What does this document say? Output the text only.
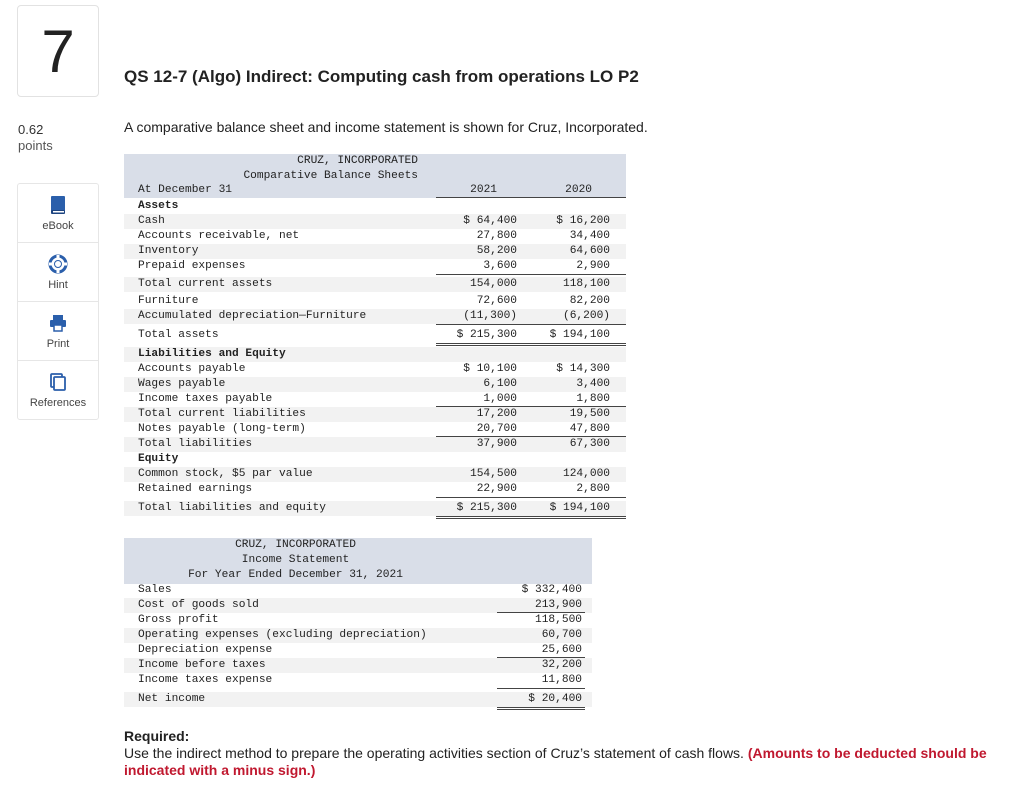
7
0.62
points
eBook
Hint
Print
References
QS 12-7 (Algo) Indirect: Computing cash from operations LO P2
A comparative balance sheet and income statement is shown for Cruz, Incorporated.
CRUZ, INCORPORATED
Comparative Balance Sheets
At December 31	2021	2020
Assets
Cash	$ 64,400	$ 16,200
Accounts receivable, net	27,800	34,400
Inventory	58,200	64,600
Prepaid expenses	3,600	2,900
Total current assets	154,000	118,100
Furniture	72,600	82,200
Accumulated depreciation—Furniture	(11,300)	(6,200)
Total assets	$ 215,300	$ 194,100
Liabilities and Equity
Accounts payable	$ 10,100	$ 14,300
Wages payable	6,100	3,400
Income taxes payable	1,000	1,800
Total current liabilities	17,200	19,500
Notes payable (long-term)	20,700	47,800
Total liabilities	37,900	67,300
Equity
Common stock, $5 par value	154,500	124,000
Retained earnings	22,900	2,800
Total liabilities and equity	$ 215,300	$ 194,100
CRUZ, INCORPORATED
Income Statement
For Year Ended December 31, 2021
Sales	$ 332,400
Cost of goods sold	213,900
Gross profit	118,500
Operating expenses (excluding depreciation)	60,700
Depreciation expense	25,600
Income before taxes	32,200
Income taxes expense	11,800
Net income	$ 20,400
Required:
Use the indirect method to prepare the operating activities section of Cruz’s statement of cash flows. (Amounts to be deducted should be indicated with a minus sign.)
